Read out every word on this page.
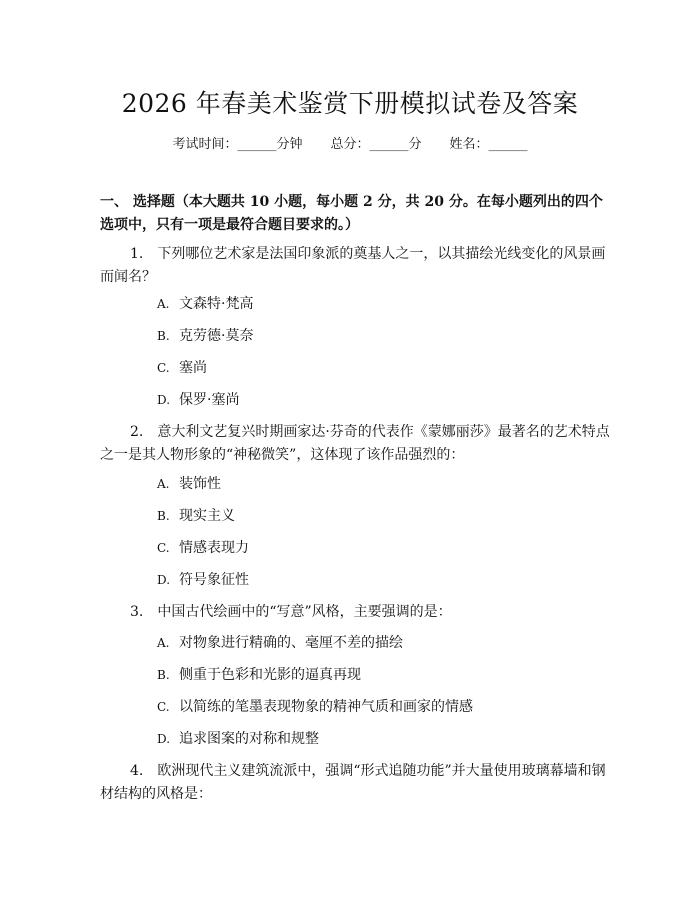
2026 年春美术鉴赏下册模拟试卷及答案
考试时间：______分钟 总分：______分 姓名：______
一、 选择题（本大题共 10 小题，每小题 2 分，共 20 分。在每小题列出的四个选项中，只有一项是最符合题目要求的。）
1.　下列哪位艺术家是法国印象派的奠基人之一，以其描绘光线变化的风景画而闻名？
A. 文森特·梵高
B. 克劳德·莫奈
C. 塞尚
D. 保罗·塞尚
2.　意大利文艺复兴时期画家达·芬奇的代表作《蒙娜丽莎》最著名的艺术特点之一是其人物形象的“神秘微笑”，这体现了该作品强烈的：
A. 装饰性
B. 现实主义
C. 情感表现力
D. 符号象征性
3.　中国古代绘画中的“写意”风格，主要强调的是：
A. 对物象进行精确的、毫厘不差的描绘
B. 侧重于色彩和光影的逼真再现
C. 以简练的笔墨表现物象的精神气质和画家的情感
D. 追求图案的对称和规整
4.　欧洲现代主义建筑流派中，强调“形式追随功能”并大量使用玻璃幕墙和钢材结构的风格是：
